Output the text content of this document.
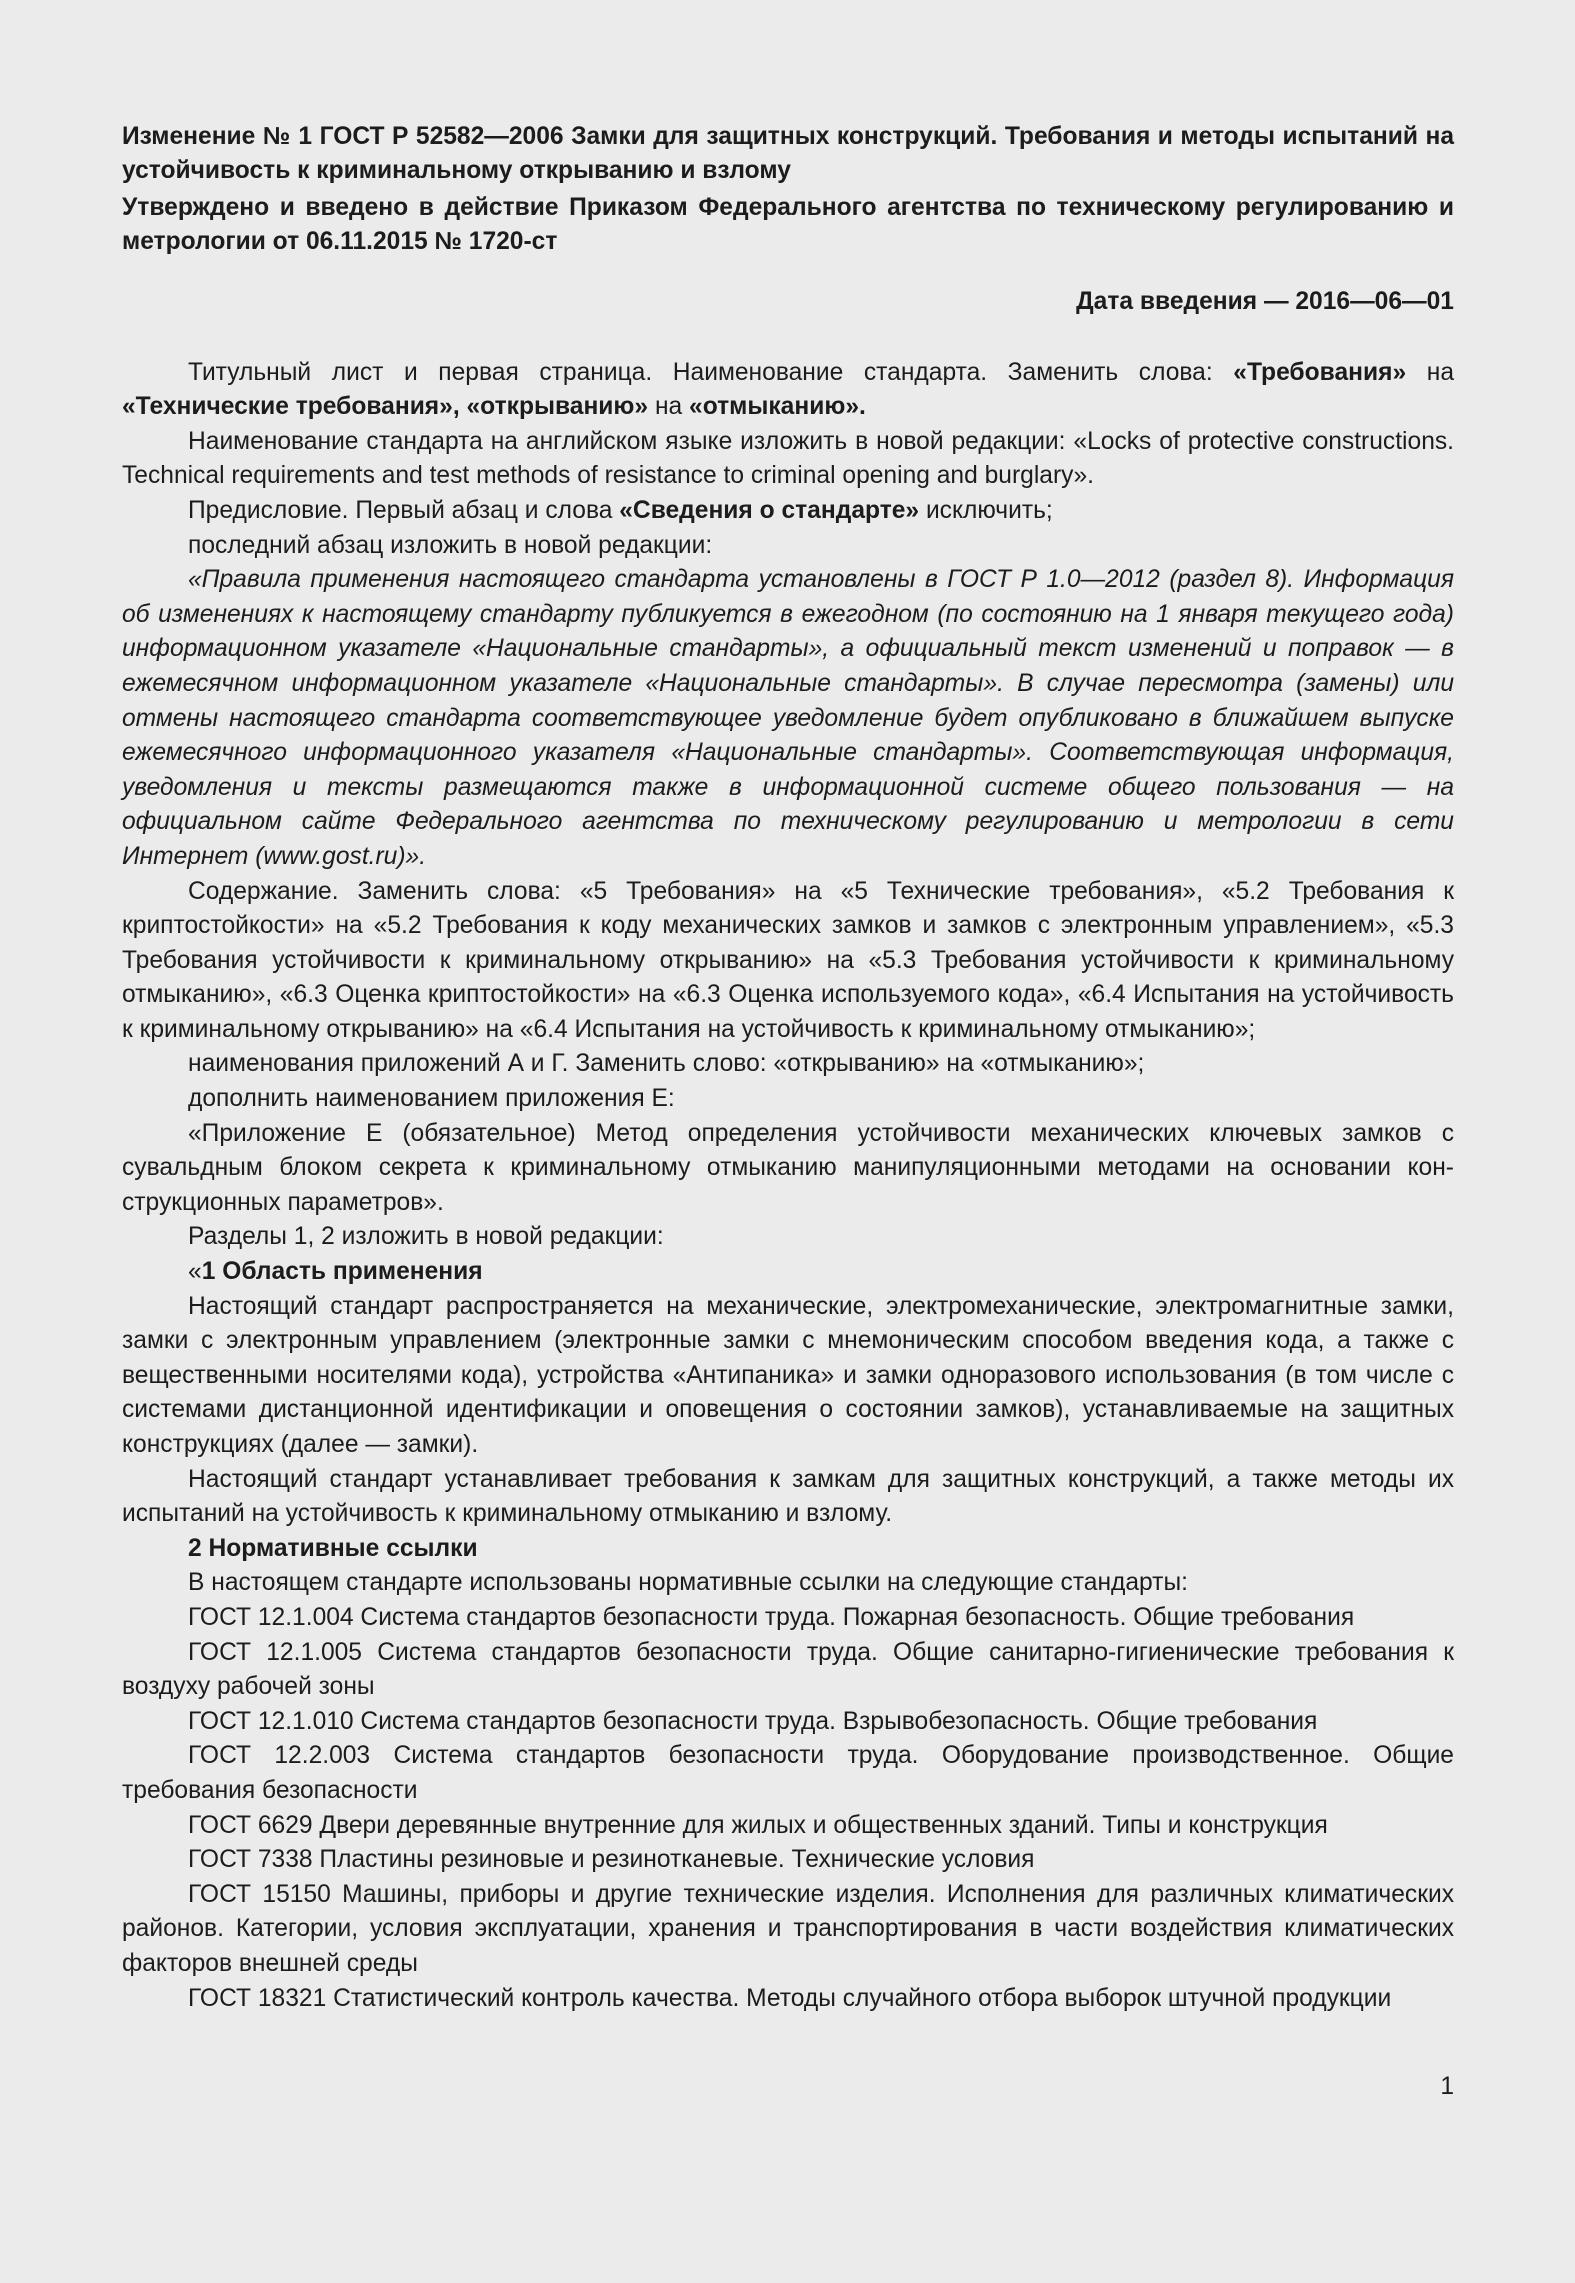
Изменение № 1 ГОСТ Р 52582—2006 Замки для защитных конструкций. Требования и методы испытаний на устойчивость к криминальному открыванию и взлому

Утверждено и введено в действие Приказом Федерального агентства по техническому регулированию и метрологии от 06.11.2015 № 1720-ст

Дата введения — 2016—06—01

Титульный лист и первая страница. Наименование стандарта. Заменить слова: «Требования» на «Технические требования», «открыванию» на «отмыканию».

Наименование стандарта на английском языке изложить в новой редакции: «Locks of protective constructions. Technical requirements and test methods of resistance to criminal opening and burglary».

Предисловие. Первый абзац и слова «Сведения о стандарте» исключить;

последний абзац изложить в новой редакции:

«Правила применения настоящего стандарта установлены в ГОСТ Р 1.0—2012 (раздел 8). Информация об изменениях к настоящему стандарту публикуется в ежегодном (по состоянию на 1 января текущего года) информационном указателе «Национальные стандарты», а официальный текст изменений и поправок — в ежемесячном информационном указателе «Национальные стандарты». В случае пересмотра (замены) или отмены настоящего стандарта соответствующее уведомление будет опубликовано в ближайшем выпуске ежемесячного информационного указателя «Национальные стандарты». Соответствующая информация, уведомления и тексты размещаются также в информационной системе общего пользования — на официальном сайте Федерального агентства по техническому регулированию и метрологии в сети Интернет (www.gost.ru)».

Содержание. Заменить слова: «5 Требования» на «5 Технические требования», «5.2 Требования к криптостойкости» на «5.2 Требования к коду механических замков и замков с электронным управлением», «5.3 Требования устойчивости к криминальному открыванию» на «5.3 Требования устойчивости к криминальному отмыканию», «6.3 Оценка криптостойкости» на «6.3 Оценка используемого кода», «6.4 Испытания на устойчивость к криминальному открыванию» на «6.4 Испытания на устойчивость к криминальному отмыканию»;

наименования приложений А и Г. Заменить слово: «открыванию» на «отмыканию»;

дополнить наименованием приложения Е:

«Приложение Е (обязательное) Метод определения устойчивости механических ключевых замков с сувальдным блоком секрета к криминальному отмыканию манипуляционными методами на основании конструкционных параметров».

Разделы 1, 2 изложить в новой редакции:

«1 Область применения

Настоящий стандарт распространяется на механические, электромеханические, электромагнитные замки, замки с электронным управлением (электронные замки с мнемоническим способом введения кода, а также с вещественными носителями кода), устройства «Антипаника» и замки одноразового использования (в том числе с системами дистанционной идентификации и оповещения о состоянии замков), устанавливаемые на защитных конструкциях (далее — замки).

Настоящий стандарт устанавливает требования к замкам для защитных конструкций, а также методы их испытаний на устойчивость к криминальному отмыканию и взлому.

2 Нормативные ссылки

В настоящем стандарте использованы нормативные ссылки на следующие стандарты:

ГОСТ 12.1.004 Система стандартов безопасности труда. Пожарная безопасность. Общие требования

ГОСТ 12.1.005 Система стандартов безопасности труда. Общие санитарно-гигиенические требования к воздуху рабочей зоны

ГОСТ 12.1.010 Система стандартов безопасности труда. Взрывобезопасность. Общие требования

ГОСТ 12.2.003 Система стандартов безопасности труда. Оборудование производственное. Общие требования безопасности

ГОСТ 6629 Двери деревянные внутренние для жилых и общественных зданий. Типы и конструкция

ГОСТ 7338 Пластины резиновые и резинотканевые. Технические условия

ГОСТ 15150 Машины, приборы и другие технические изделия. Исполнения для различных климатических районов. Категории, условия эксплуатации, хранения и транспортирования в части воздействия климатических факторов внешней среды

ГОСТ 18321 Статистический контроль качества. Методы случайного отбора выборок штучной продукции

1
